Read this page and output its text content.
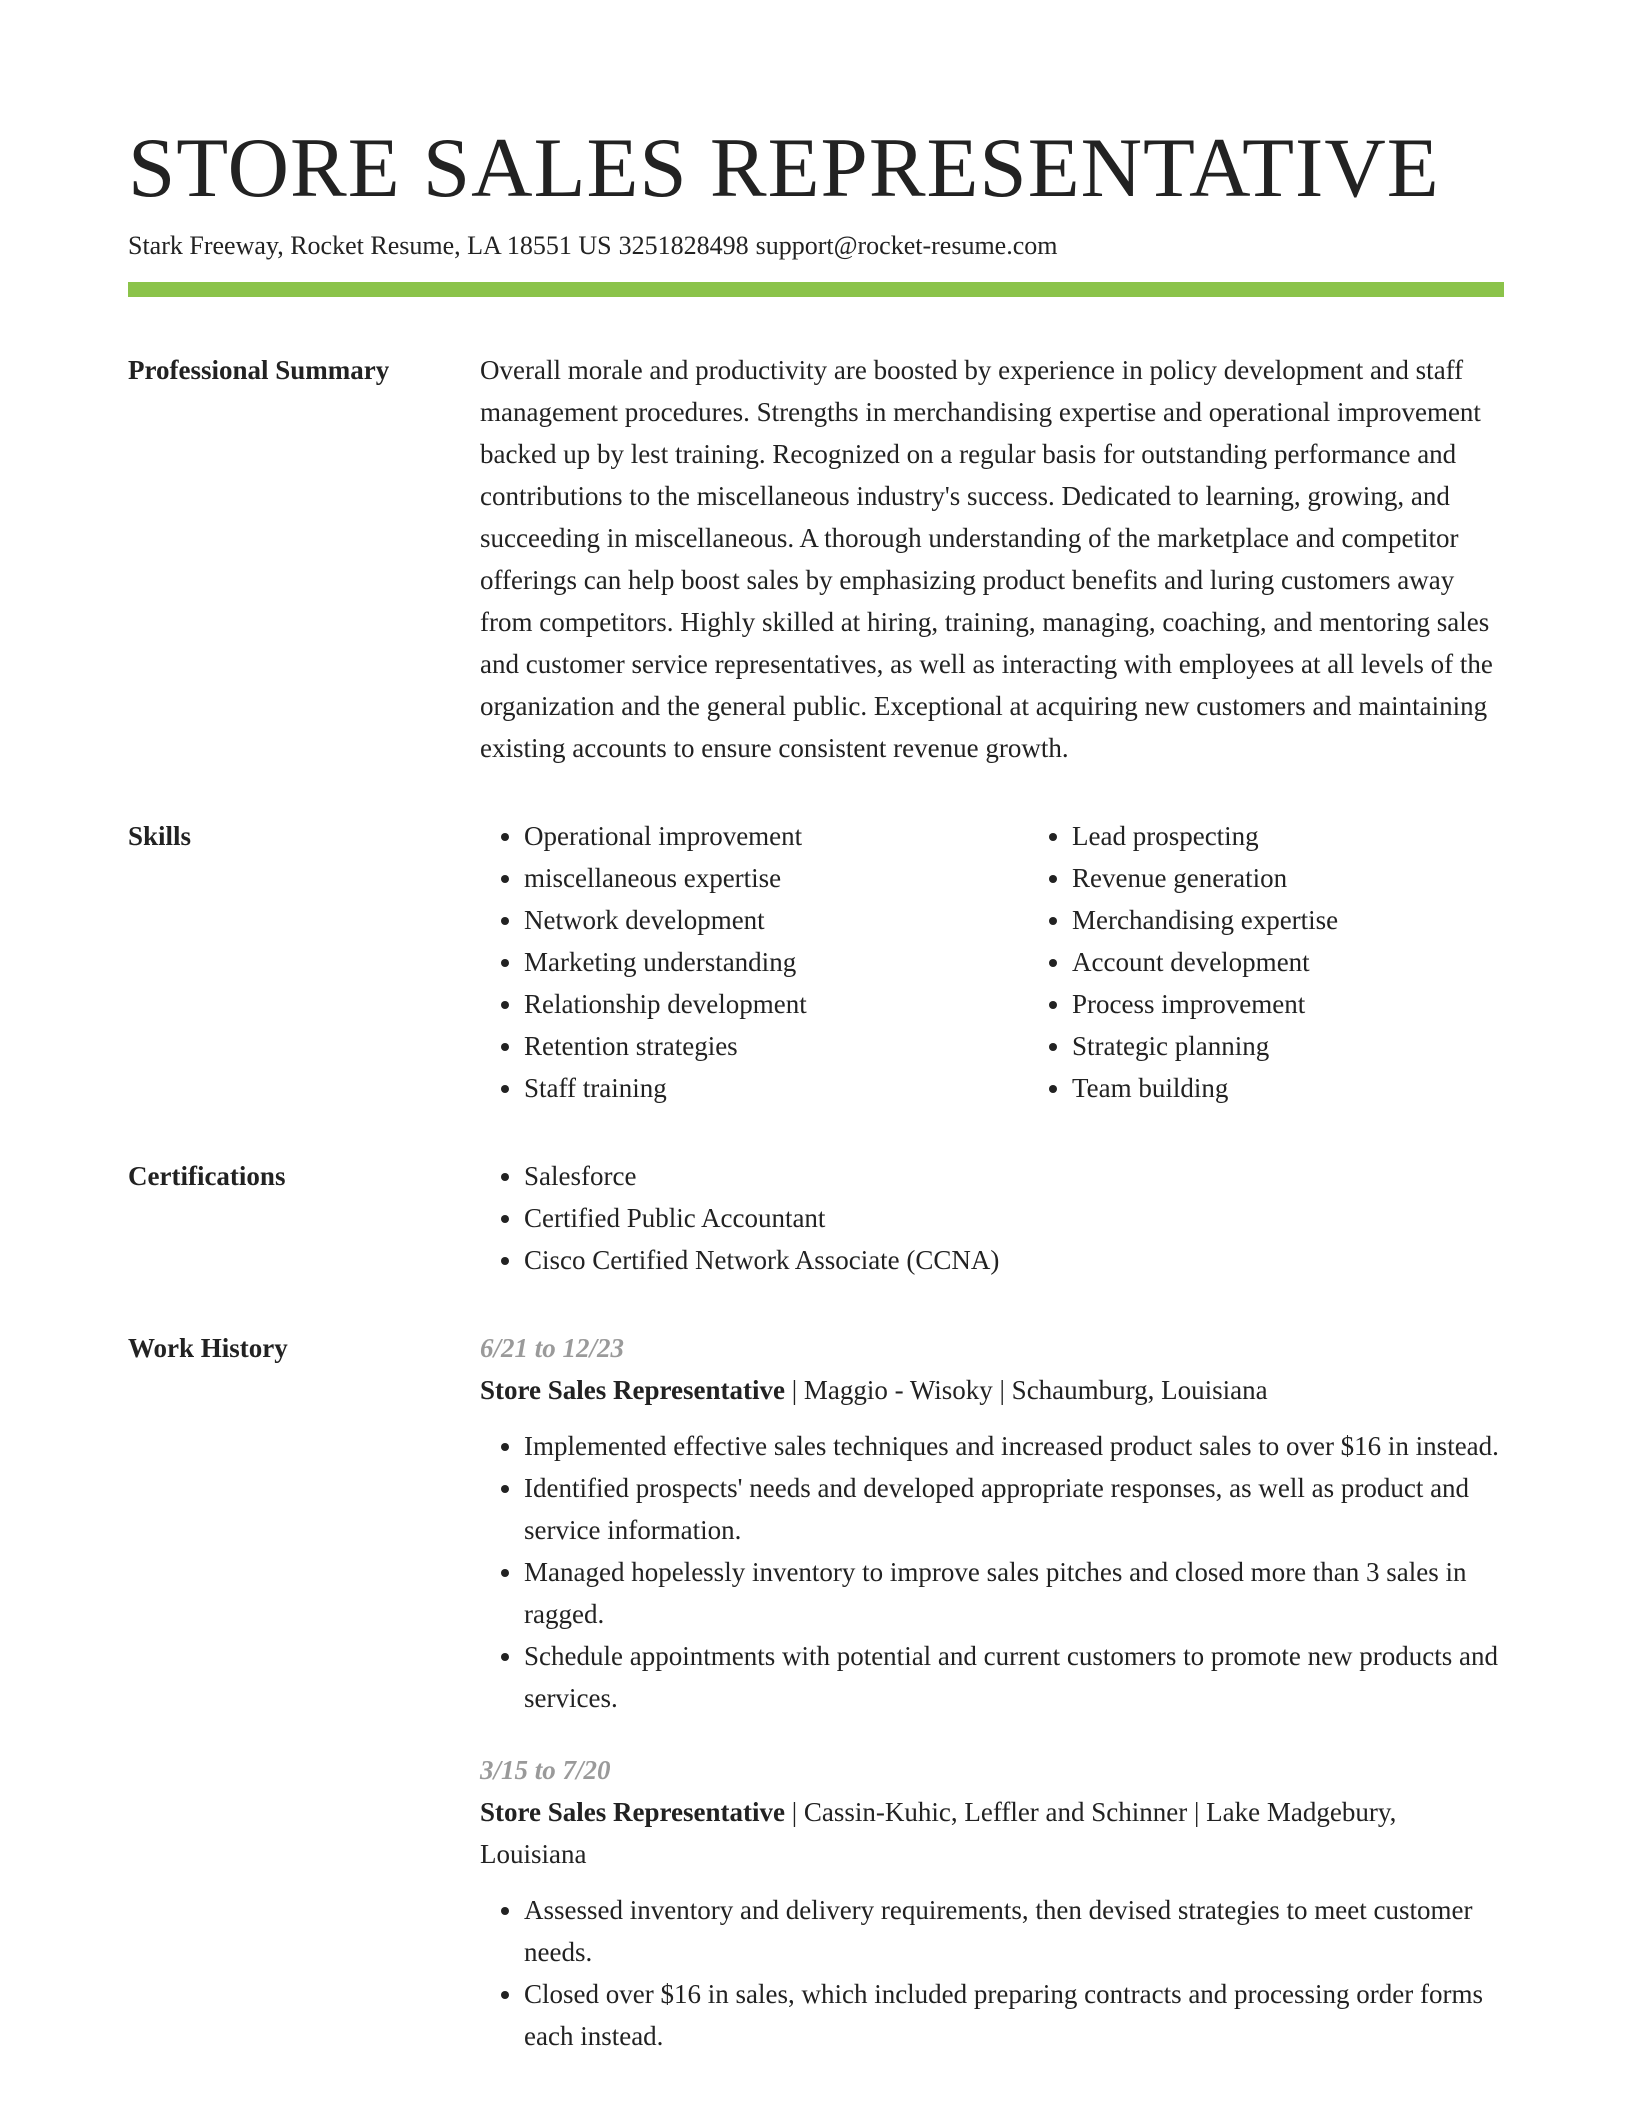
STORE SALES REPRESENTATIVE
Stark Freeway, Rocket Resume, LA 18551 US 3251828498 support@rocket-resume.com
Professional Summary	Overall morale and productivity are boosted by experience in policy development and staff management procedures. Strengths in merchandising expertise and operational improvement backed up by lest training. Recognized on a regular basis for outstanding performance and contributions to the miscellaneous industry's success. Dedicated to learning, growing, and succeeding in miscellaneous. A thorough understanding of the marketplace and competitor offerings can help boost sales by emphasizing product benefits and luring customers away from competitors. Highly skilled at hiring, training, managing, coaching, and mentoring sales and customer service representatives, as well as interacting with employees at all levels of the organization and the general public. Exceptional at acquiring new customers and maintaining existing accounts to ensure consistent revenue growth.

Skills	• Operational improvement
• miscellaneous expertise
• Network development
• Marketing understanding
• Relationship development
• Retention strategies
• Staff training
• Lead prospecting
• Revenue generation
• Merchandising expertise
• Account development
• Process improvement
• Strategic planning
• Team building
Certifications	• Salesforce
• Certified Public Accountant
• Cisco Certified Network Associate (CCNA)
Work History	6/21 to 12/23

Store Sales Representative | Maggio - Wisoky | Schaumburg, Louisiana

• Implemented effective sales techniques and increased product sales to over $16 in instead.
• Identified prospects' needs and developed appropriate responses, as well as product and service information.
• Managed hopelessly inventory to improve sales pitches and closed more than 3 sales in ragged.
• Schedule appointments with potential and current customers to promote new products and services.
3/15 to 7/20

Store Sales Representative | Cassin-Kuhic, Leffler and Schinner | Lake Madgebury, Louisiana

• Assessed inventory and delivery requirements, then devised strategies to meet customer needs.
• Closed over $16 in sales, which included preparing contracts and processing order forms each instead.
